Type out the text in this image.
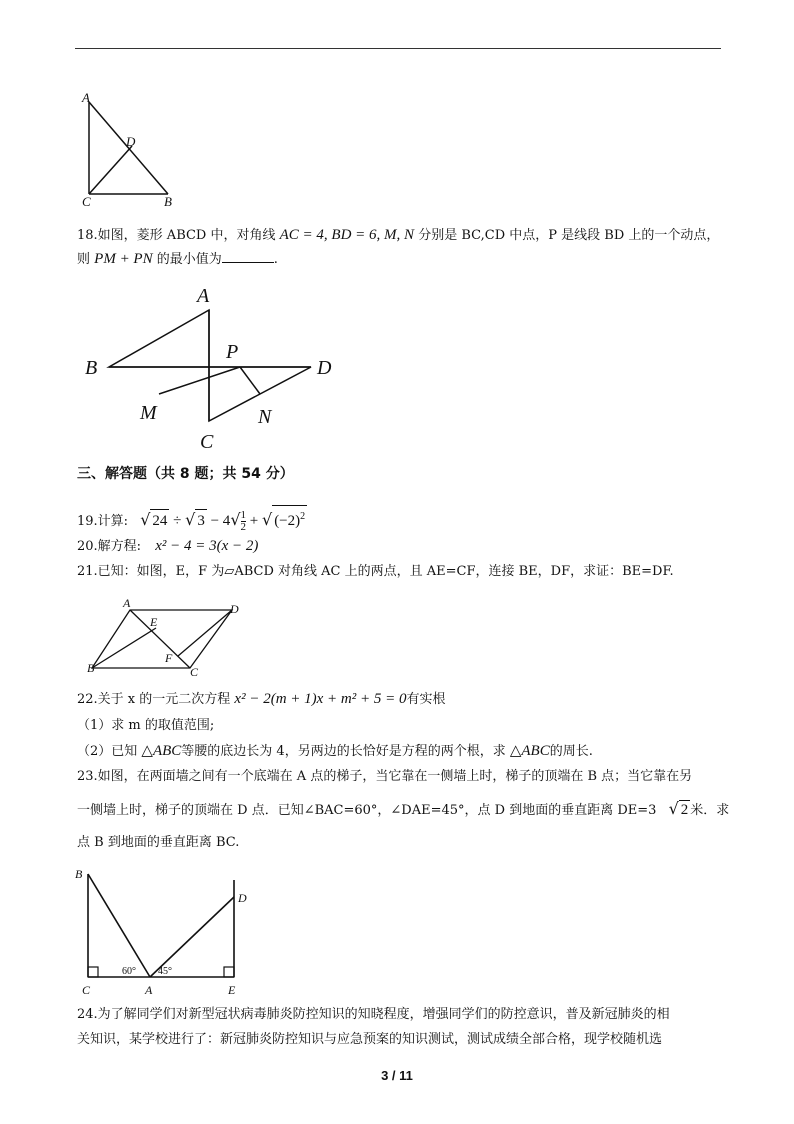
A
D
C	B
18.如图，菱形 ABCD 中，对角线 AC = 4, BD = 6, M, N 分别是 BC,CD 中点，P 是线段 BD 上的一个动点，
则 PM + PN 的最小值为	.
A
B
P
D
M	N
C
三、解答题（共 8 题；共 54 分）
19.计算: √ 24 ÷ √ $3 - 4√ \frac{1}{2}$ + √ $(-2)^2$
20.解方程: x² − 4 = 3(x − 2)
21.已知：如图，E，F 为▱ABCD 对角线 AC 上的两点，且 AE=CF，连接 BE，DF，求证：BE=DF.
A	D
E
F
B	C
22.关于 x 的一元二次方程 x² − 2(m + 1)x + m² + 5 = 0有实根
（1）求 m 的取值范围;
（2）已知 △ABC等腰的底边长为 4，另两边的长恰好是方程的两个根，求 △ABC的周长.
23.如图，在两面墙之间有一个底端在 A 点的梯子，当它靠在一侧墙上时，梯子的顶端在 B 点；当它靠在另
一侧墙上时，梯子的顶端在 D 点．已知∠BAC=60°，∠DAE=45°，点 D 到地面的垂直距离 DE=3 √ 2 米．求
点 B 到地面的垂直距离 BC.
B
D
60° 45°
C	A	E
24.为了解同学们对新型冠状病毒肺炎防控知识的知晓程度，增强同学们的防控意识，普及新冠肺炎的相
关知识，某学校进行了：新冠肺炎防控知识与应急预案的知识测试，测试成绩全部合格，现学校随机选
3 / 11
